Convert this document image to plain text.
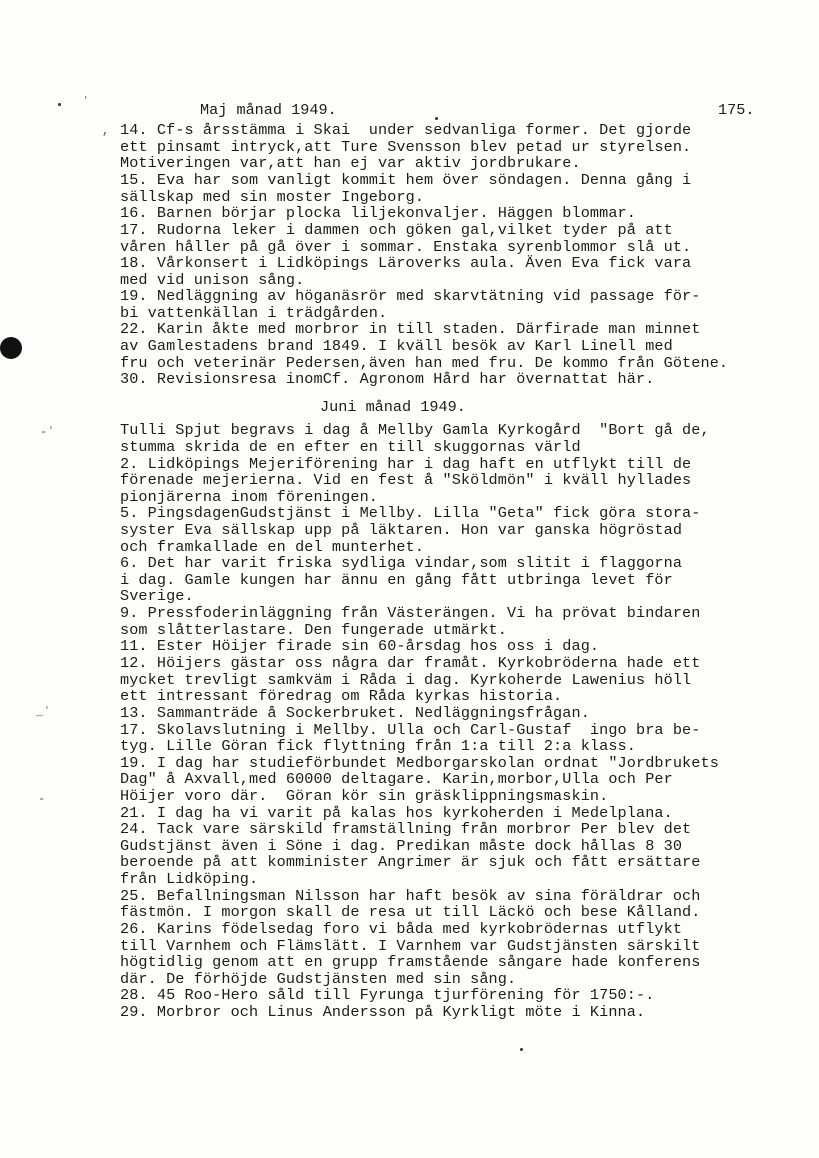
ʼ
,
Maj månad 1949.	175.
14. Cf-s årsstämma i Skai  under sedvanliga former. Det gjorde
ett pinsamt intryck,att Ture Svensson blev petad ur styrelsen.
Motiveringen var,att han ej var aktiv jordbrukare.
15. Eva har som vanligt kommit hem över söndagen. Denna gång i
sällskap med sin moster Ingeborg.
16. Barnen börjar plocka liljekonvaljer. Häggen blommar.
17. Rudorna leker i dammen och göken gal,vilket tyder på att
våren håller på gå över i sommar. Enstaka syrenblommor slå ut.
18. Vårkonsert i Lidköpings Läroverks aula. Även Eva fick vara
med vid unison sång.
19. Nedläggning av höganäsrör med skarvtätning vid passage för-
bi vattenkällan i trädgården.
22. Karin åkte med morbror in till staden. Därfirade man minnet
av Gamlestadens brand 1849. I kväll besök av Karl Linell med
fru och veterinär Pedersen,även han med fru. De kommo från Götene.
30. Revisionsresa inomCf. Agronom Hård har övernattat här.
Juni månad 1949.
-ʼ
_ʼ
-
Tulli Spjut begravs i dag å Mellby Gamla Kyrkogård  "Bort gå de,
stumma skrida de en efter en till skuggornas värld
2. Lidköpings Mejeriförening har i dag haft en utflykt till de
förenade mejerierna. Vid en fest å "Sköldmön" i kväll hyllades
pionjärerna inom föreningen.
5. PingsdagenGudstjänst i Mellby. Lilla "Geta" fick göra stora-
syster Eva sällskap upp på läktaren. Hon var ganska högröstad
och framkallade en del munterhet.
6. Det har varit friska sydliga vindar,som slitit i flaggorna
i dag. Gamle kungen har ännu en gång fått utbringa levet för
Sverige.
9. Pressfoderinläggning från Västerängen. Vi ha prövat bindaren
som slåtterlastare. Den fungerade utmärkt.
11. Ester Höijer firade sin 60-årsdag hos oss i dag.
12. Höijers gästar oss några dar framåt. Kyrkobröderna hade ett
mycket trevligt samkväm i Råda i dag. Kyrkoherde Lawenius höll
ett intressant föredrag om Råda kyrkas historia.
13. Sammanträde å Sockerbruket. Nedläggningsfrågan.
17. Skolavslutning i Mellby. Ulla och Carl-Gustaf  ingo bra be-
tyg. Lille Göran fick flyttning från 1:a till 2:a klass.
19. I dag har studieförbundet Medborgarskolan ordnat "Jordbrukets
Dag" å Axvall,med 60000 deltagare. Karin,morbor,Ulla och Per
Höijer voro där.  Göran kör sin gräsklippningsmaskin.
21. I dag ha vi varit på kalas hos kyrkoherden i Medelplana.
24. Tack vare särskild framställning från morbror Per blev det
Gudstjänst även i Söne i dag. Predikan måste dock hållas 8 30
beroende på att komminister Angrimer är sjuk och fått ersättare
från Lidköping.
25. Befallningsman Nilsson har haft besök av sina föräldrar och
fästmön. I morgon skall de resa ut till Läckö och bese Kålland.
26. Karins födelsedag foro vi båda med kyrkobrödernas utflykt
till Varnhem och Flämslätt. I Varnhem var Gudstjänsten särskilt
högtidlig genom att en grupp framstående sångare hade konferens
där. De förhöjde Gudstjänsten med sin sång.
28. 45 Roo-Hero såld till Fyrunga tjurförening för 1750:-.
29. Morbror och Linus Andersson på Kyrkligt möte i Kinna.
